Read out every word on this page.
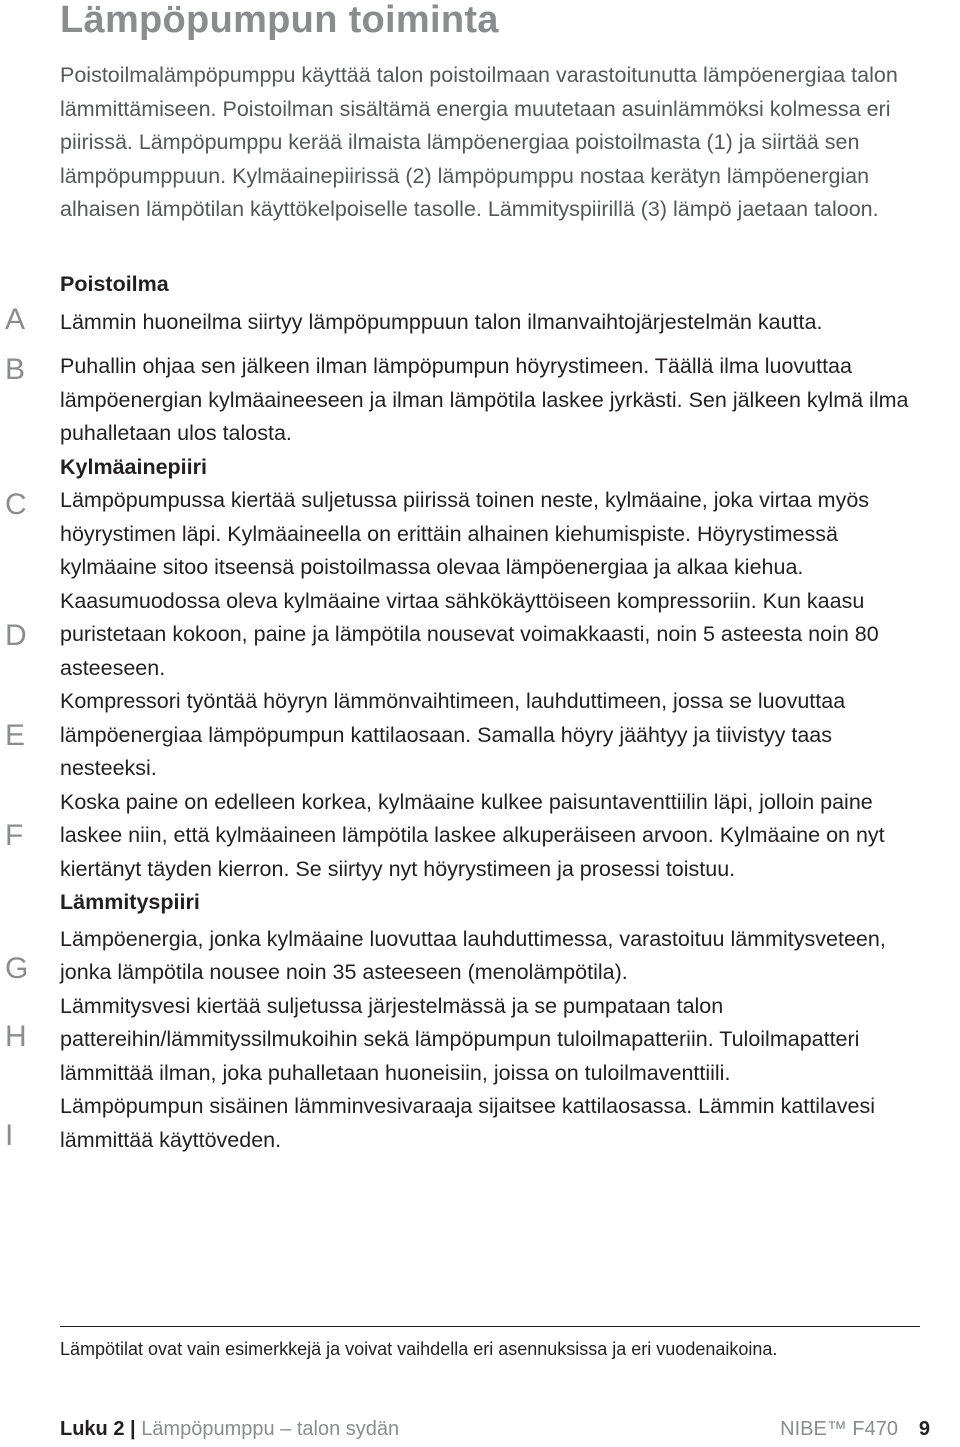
Lämpöpumpun toiminta

Poistoilmalämpöpumppu käyttää talon poistoilmaan varastoitunutta lämpöenergiaa talon lämmittämiseen. Poistoilman sisältämä energia muutetaan asuinlämmöksi kolmessa eri piirissä. Lämpöpumppu kerää ilmaista lämpöenergiaa poistoilmasta (1) ja siirtää sen lämpöpumppuun. Kylmäainepiirissä (2) lämpöpumppu nostaa kerätyn lämpöenergian alhaisen lämpötilan käyttökelpoiselle tasolle. Lämmityspiirillä (3) lämpö jaetaan taloon.

A
B
C
D
E
F
G
H
I
Poistoilma

Lämmin huoneilma siirtyy lämpöpumppuun talon ilmanvaihtojärjestelmän kautta.

Puhallin ohjaa sen jälkeen ilman lämpöpumpun höyrystimeen. Täällä ilma luovuttaa lämpöenergian kylmäaineeseen ja ilman lämpötila laskee jyrkästi. Sen jälkeen kylmä ilma puhalletaan ulos talosta.

Kylmäainepiiri

Lämpöpumpussa kiertää suljetussa piirissä toinen neste, kylmäaine, joka virtaa myös höyrystimen läpi. Kylmäaineella on erittäin alhainen kiehumispiste. Höyrystimessä kylmäaine sitoo itseensä poistoilmassa olevaa lämpöenergiaa ja alkaa kiehua.

Kaasumuodossa oleva kylmäaine virtaa sähkökäyttöiseen kompressoriin. Kun kaasu puristetaan kokoon, paine ja lämpötila nousevat voimakkaasti, noin 5 asteesta noin 80 asteeseen.

Kompressori työntää höyryn lämmönvaihtimeen, lauhduttimeen, jossa se luovuttaa lämpöenergiaa lämpöpumpun kattilaosaan. Samalla höyry jäähtyy ja tiivistyy taas nesteeksi.

Koska paine on edelleen korkea, kylmäaine kulkee paisuntaventtiilin läpi, jolloin paine laskee niin, että kylmäaineen lämpötila laskee alkuperäiseen arvoon. Kylmäaine on nyt kiertänyt täyden kierron. Se siirtyy nyt höyrystimeen ja prosessi toistuu.

Lämmityspiiri

Lämpöenergia, jonka kylmäaine luovuttaa lauhduttimessa, varastoituu lämmitysveteen, jonka lämpötila nousee noin 35 asteeseen (menolämpötila).

Lämmitysvesi kiertää suljetussa järjestelmässä ja se pumpataan talon pattereihin/lämmityssilmukoihin sekä lämpöpumpun tuloilmapatteriin. Tuloilmapatteri lämmittää ilman, joka puhalletaan huoneisiin, joissa on tuloilmaventtiili.

Lämpöpumpun sisäinen lämminvesivaraaja sijaitsee kattilaosassa. Lämmin kattilavesi lämmittää käyttöveden.

Lämpötilat ovat vain esimerkkejä ja voivat vaihdella eri asennuksissa ja eri vuodenaikoina.
Luku 2 | Lämpöpumppu – talon sydän	NIBE™ F470 9
